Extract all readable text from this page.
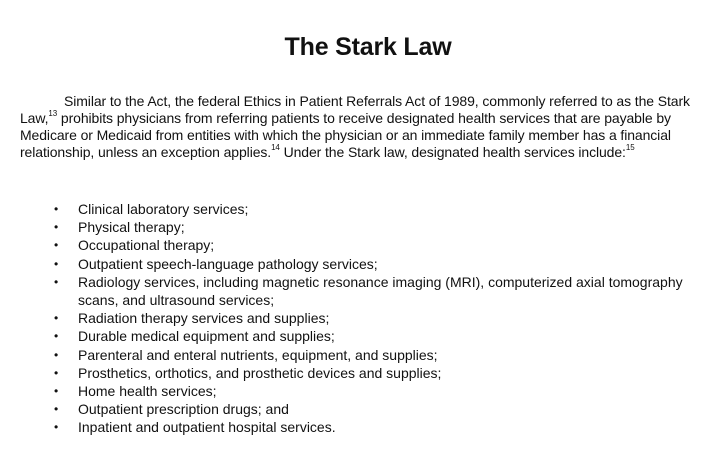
The Stark Law

Similar to the Act, the federal Ethics in Patient Referrals Act of 1989, commonly referred to as the Stark Law,$^{13}$ prohibits physicians from referring patients to receive designated health services that are payable by Medicare or Medicaid from entities with which the physician or an immediate family member has a financial relationship, unless an exception applies.$^{14}$ Under the Stark law, designated health services include:$^{15}$

• Clinical laboratory services;
• Physical therapy;
• Occupational therapy;
• Outpatient speech-language pathology services;
• Radiology services, including magnetic resonance imaging (MRI), computerized axial tomography scans, and ultrasound services;
• Radiation therapy services and supplies;
• Durable medical equipment and supplies;
• Parenteral and enteral nutrients, equipment, and supplies;
• Prosthetics, orthotics, and prosthetic devices and supplies;
• Home health services;
• Outpatient prescription drugs; and
• Inpatient and outpatient hospital services.
